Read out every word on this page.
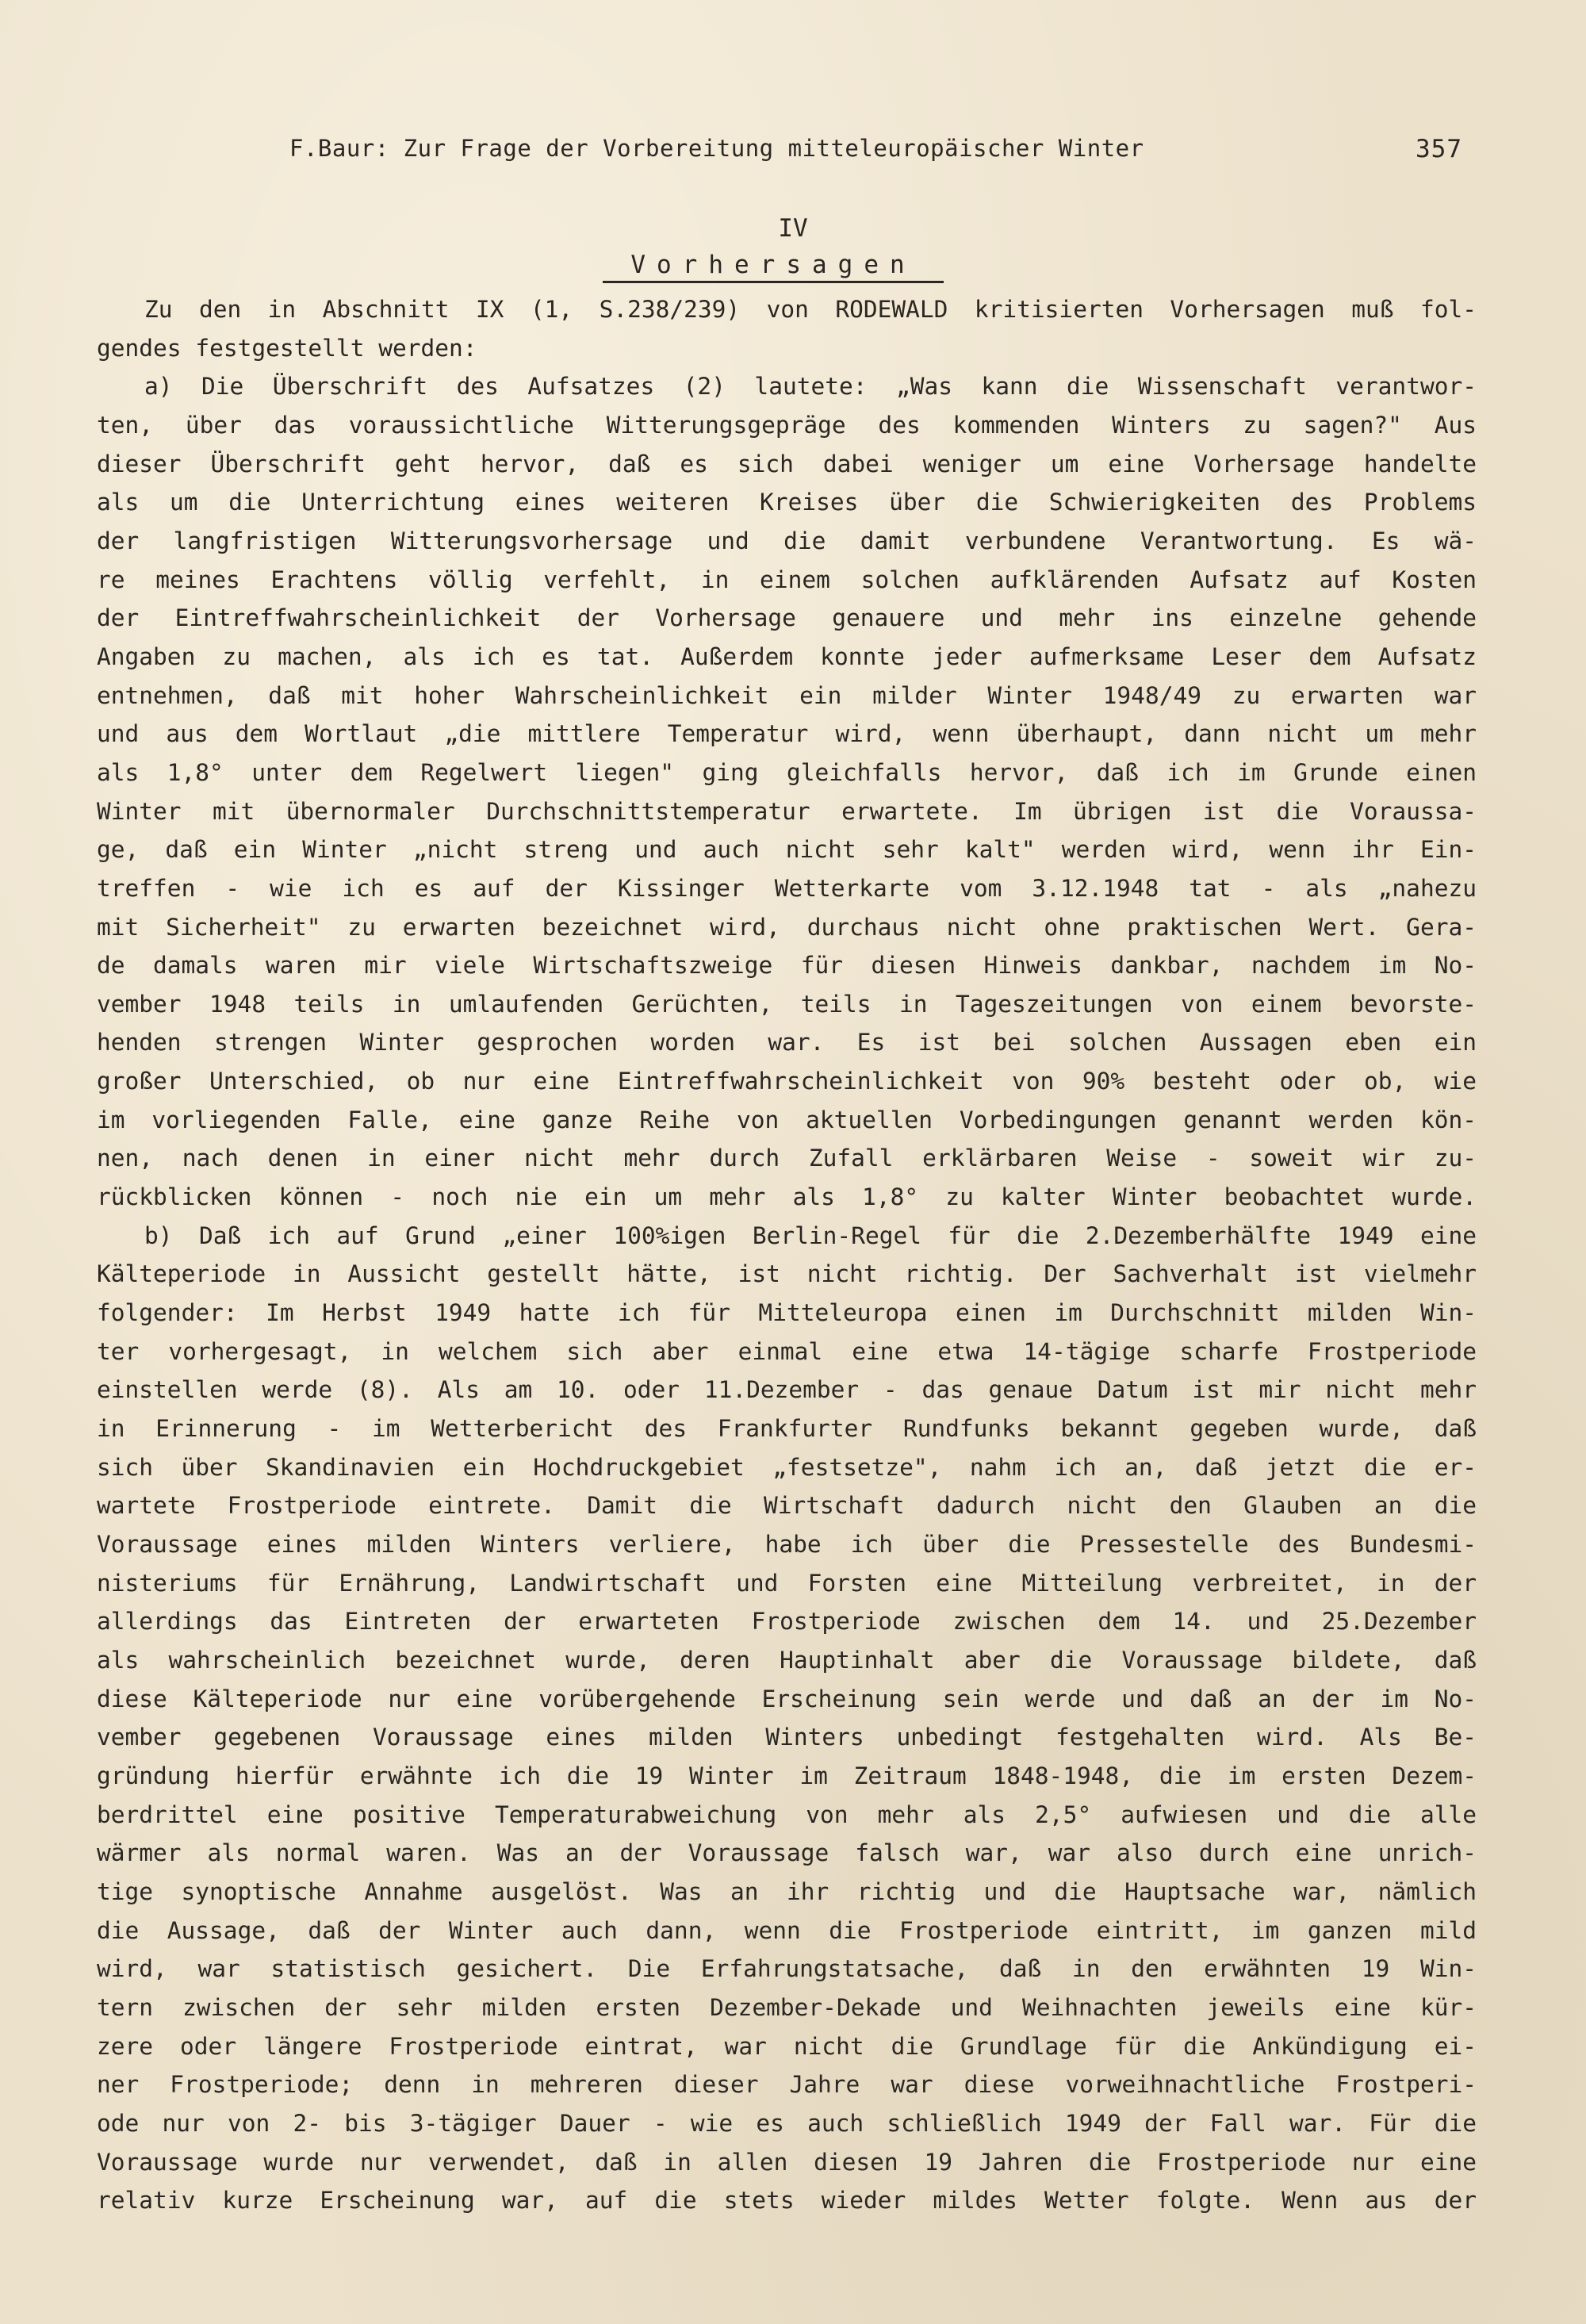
F.Baur: Zur Frage der Vorbereitung mitteleuropäischer Winter	357
IV
Vorhersagen
Zu den in Abschnitt IX (1, S.238/239) von RODEWALD kritisierten Vorhersagen muß fol-
gendes festgestellt werden:
a) Die Überschrift des Aufsatzes (2) lautete: „Was kann die Wissenschaft verantwor-
ten, über das voraussichtliche Witterungsgepräge des kommenden Winters zu sagen?" Aus
dieser Überschrift geht hervor, daß es sich dabei weniger um eine Vorhersage handelte
als um die Unterrichtung eines weiteren Kreises über die Schwierigkeiten des Problems
der langfristigen Witterungsvorhersage und die damit verbundene Verantwortung. Es wä-
re meines Erachtens völlig verfehlt, in einem solchen aufklärenden Aufsatz auf Kosten
der Eintreffwahrscheinlichkeit der Vorhersage genauere und mehr ins einzelne gehende
Angaben zu machen, als ich es tat. Außerdem konnte jeder aufmerksame Leser dem Aufsatz
entnehmen, daß mit hoher Wahrscheinlichkeit ein milder Winter 1948/49 zu erwarten war
und aus dem Wortlaut „die mittlere Temperatur wird, wenn überhaupt, dann nicht um mehr
als 1,8° unter dem Regelwert liegen" ging gleichfalls hervor, daß ich im Grunde einen
Winter mit übernormaler Durchschnittstemperatur erwartete. Im übrigen ist die Voraussa-
ge, daß ein Winter „nicht streng und auch nicht sehr kalt" werden wird, wenn ihr Ein-
treffen - wie ich es auf der Kissinger Wetterkarte vom 3.12.1948 tat - als „nahezu
mit Sicherheit" zu erwarten bezeichnet wird, durchaus nicht ohne praktischen Wert. Gera-
de damals waren mir viele Wirtschaftszweige für diesen Hinweis dankbar, nachdem im No-
vember 1948 teils in umlaufenden Gerüchten, teils in Tageszeitungen von einem bevorste-
henden strengen Winter gesprochen worden war. Es ist bei solchen Aussagen eben ein
großer Unterschied, ob nur eine Eintreffwahrscheinlichkeit von 90% besteht oder ob, wie
im vorliegenden Falle, eine ganze Reihe von aktuellen Vorbedingungen genannt werden kön-
nen, nach denen in einer nicht mehr durch Zufall erklärbaren Weise - soweit wir zu-
rückblicken können - noch nie ein um mehr als 1,8° zu kalter Winter beobachtet wurde.
b) Daß ich auf Grund „einer 100%igen Berlin-Regel für die 2.Dezemberhälfte 1949 eine
Kälteperiode in Aussicht gestellt hätte, ist nicht richtig. Der Sachverhalt ist vielmehr
folgender: Im Herbst 1949 hatte ich für Mitteleuropa einen im Durchschnitt milden Win-
ter vorhergesagt, in welchem sich aber einmal eine etwa 14-tägige scharfe Frostperiode
einstellen werde (8). Als am 10. oder 11.Dezember - das genaue Datum ist mir nicht mehr
in Erinnerung - im Wetterbericht des Frankfurter Rundfunks bekannt gegeben wurde, daß
sich über Skandinavien ein Hochdruckgebiet „festsetze", nahm ich an, daß jetzt die er-
wartete Frostperiode eintrete. Damit die Wirtschaft dadurch nicht den Glauben an die
Voraussage eines milden Winters verliere, habe ich über die Pressestelle des Bundesmi-
nisteriums für Ernährung, Landwirtschaft und Forsten eine Mitteilung verbreitet, in der
allerdings das Eintreten der erwarteten Frostperiode zwischen dem 14. und 25.Dezember
als wahrscheinlich bezeichnet wurde, deren Hauptinhalt aber die Voraussage bildete, daß
diese Kälteperiode nur eine vorübergehende Erscheinung sein werde und daß an der im No-
vember gegebenen Voraussage eines milden Winters unbedingt festgehalten wird. Als Be-
gründung hierfür erwähnte ich die 19 Winter im Zeitraum 1848-1948, die im ersten Dezem-
berdrittel eine positive Temperaturabweichung von mehr als 2,5° aufwiesen und die alle
wärmer als normal waren. Was an der Voraussage falsch war, war also durch eine unrich-
tige synoptische Annahme ausgelöst. Was an ihr richtig und die Hauptsache war, nämlich
die Aussage, daß der Winter auch dann, wenn die Frostperiode eintritt, im ganzen mild
wird, war statistisch gesichert. Die Erfahrungstatsache, daß in den erwähnten 19 Win-
tern zwischen der sehr milden ersten Dezember-Dekade und Weihnachten jeweils eine kür-
zere oder längere Frostperiode eintrat, war nicht die Grundlage für die Ankündigung ei-
ner Frostperiode; denn in mehreren dieser Jahre war diese vorweihnachtliche Frostperi-
ode nur von 2- bis 3-tägiger Dauer - wie es auch schließlich 1949 der Fall war. Für die
Voraussage wurde nur verwendet, daß in allen diesen 19 Jahren die Frostperiode nur eine
relativ kurze Erscheinung war, auf die stets wieder mildes Wetter folgte. Wenn aus der
